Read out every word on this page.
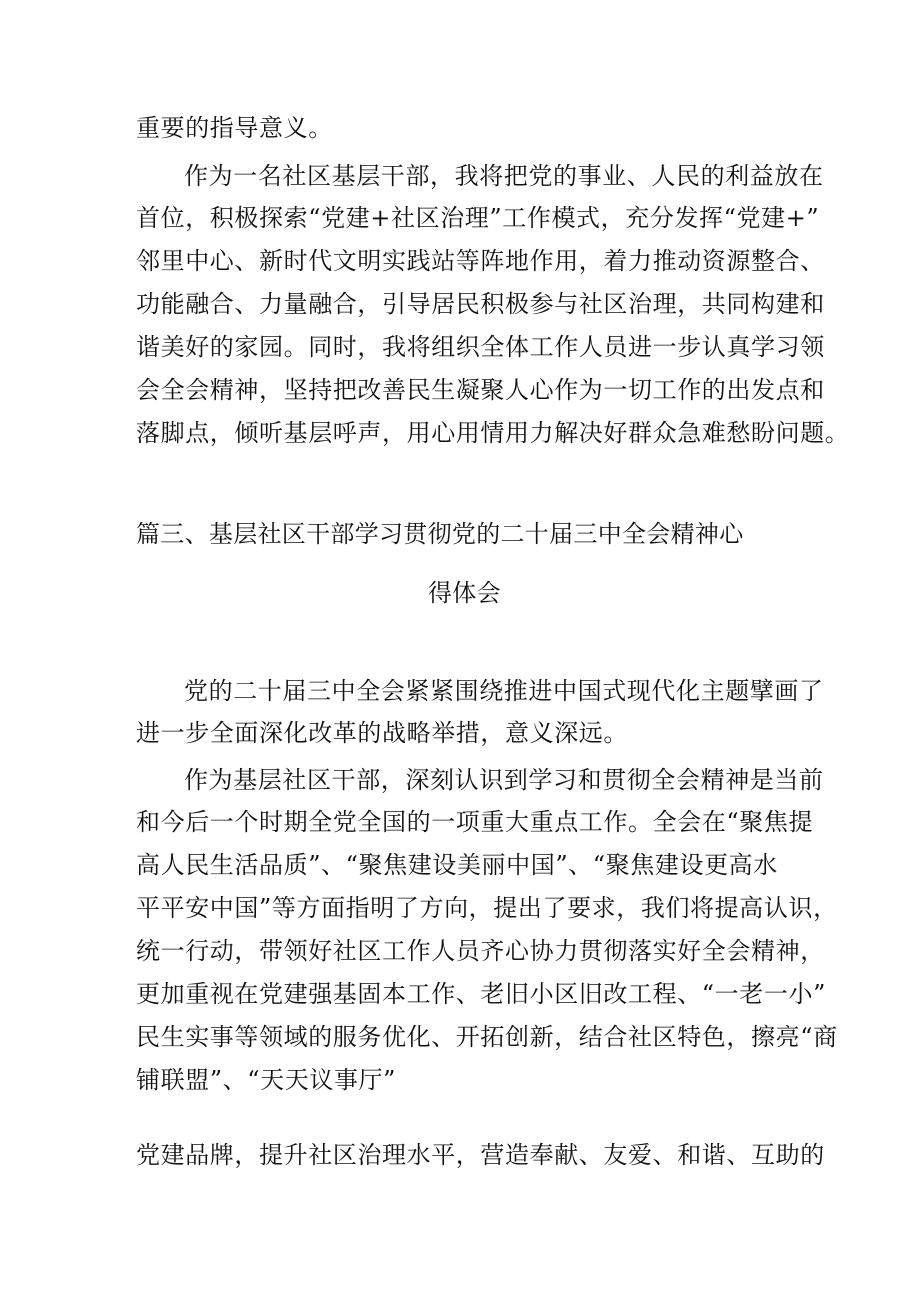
重要的指导意义。
作为一名社区基层干部，我将把党的事业、人民的利益放在
首位，积极探索“党建+社区治理”工作模式，充分发挥“党建+”
邻里中心、新时代文明实践站等阵地作用，着力推动资源整合、
功能融合、力量融合，引导居民积极参与社区治理，共同构建和
谐美好的家园。同时，我将组织全体工作人员进一步认真学习领
会全会精神，坚持把改善民生凝聚人心作为一切工作的出发点和
落脚点，倾听基层呼声，用心用情用力解决好群众急难愁盼问题。
篇三、基层社区干部学习贯彻党的二十届三中全会精神心
得体会
党的二十届三中全会紧紧围绕推进中国式现代化主题擘画了
进一步全面深化改革的战略举措，意义深远。
作为基层社区干部，深刻认识到学习和贯彻全会精神是当前
和今后一个时期全党全国的一项重大重点工作。全会在“聚焦提
高人民生活品质”、“聚焦建设美丽中国”、“聚焦建设更高水
平平安中国”等方面指明了方向，提出了要求，我们将提高认识，
统一行动，带领好社区工作人员齐心协力贯彻落实好全会精神，
更加重视在党建强基固本工作、老旧小区旧改工程、“一老一小”
民生实事等领域的服务优化、开拓创新，结合社区特色，擦亮“商
铺联盟”、“天天议事厅”
党建品牌，提升社区治理水平，营造奉献、友爱、和谐、互助的
